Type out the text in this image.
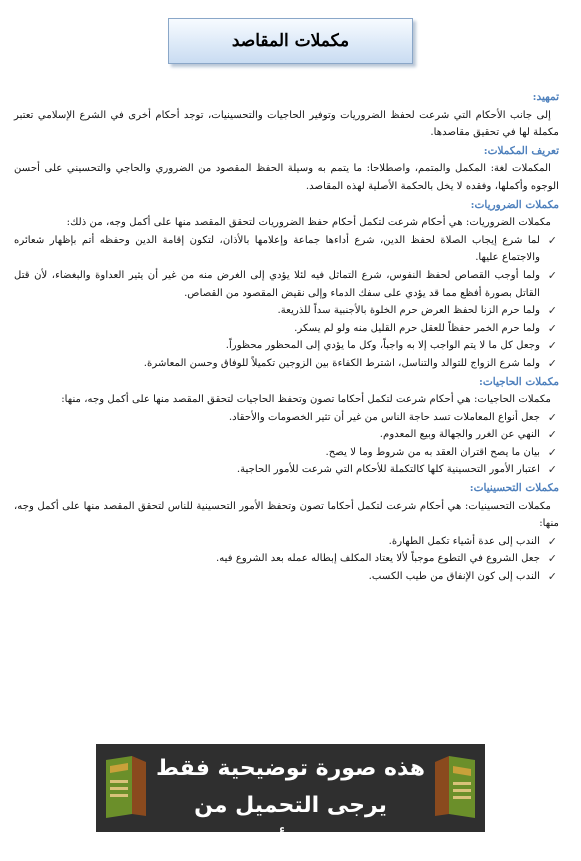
مكملات المقاصد
تمهيد:
إلى جانب الأحكام التي شرعت لحفظ الضروريات وتوفير الحاجيات والتحسينيات، توجد أحكام أخرى في الشرع الإسلامي تعتبر مكملة لها في تحقيق مقاصدها.
تعريف المكملات:
المكملات لغة: المكمل والمتمم، واصطلاحا: ما يتمم به وسيلة الحفظ المقصود من الضروري والحاجي والتحسيني على أحسن الوجوه وأكملها، وفقده لا يخل بالحكمة الأصلية لهذه المقاصد.
مكملات الضروريات:
مكملات الضروريات: هي أحكام شرعت لتكمل أحكام حفظ الضروريات لتحقق المقصد منها على أكمل وجه، من ذلك:
✓
لما شرع إيجاب الصلاة لحفظ الدين، شرع أداءها جماعة وإعلامها بالأذان، لتكون إقامة الدين وحفظه أتم بإظهار شعائره والاجتماع عليها.
✓
ولما أوجب القصاص لحفظ النفوس، شرع التماثل فيه لئلا يؤدي إلى الغرض منه من غير أن يثير العداوة والبغضاء، لأن قتل القاتل بصورة أفظع مما قد يؤدي على سفك الدماء وإلى نقيض المقصود من القصاص.
✓
ولما حرم الزنا لحفظ العرض حرم الخلوة بالأجنبية سداً للذريعة.
✓
ولما حرم الخمر حفظاً للعقل حرم القليل منه ولو لم يسكر.
✓
وجعل كل ما لا يتم الواجب إلا به واجباً، وكل ما يؤدي إلى المحظور محظوراً.
✓
ولما شرع الزواج للتوالد والتناسل، اشترط الكفاءة بين الزوجين تكميلاً للوفاق وحسن المعاشرة.
مكملات الحاجيات:
مكملات الحاجيات: هي أحكام شرعت لتكمل أحكاما تصون وتحفظ الحاجيات لتحقق المقصد منها على أكمل وجه، منها:
✓
جعل أنواع المعاملات تسد حاجة الناس من غير أن تثير الخصومات والأحقاد.
✓
النهي عن الغرر والجهالة وبيع المعدوم.
✓
بيان ما يصح اقتران العقد به من شروط وما لا يصح.
✓
اعتبار الأمور التحسينية كلها كالتكملة للأحكام التي شرعت للأمور الحاجية.
مكملات التحسينيات:
مكملات التحسينيات: هي أحكام شرعت لتكمل أحكاما تصون وتحفظ الأمور التحسينية للناس لتحقق المقصد منها على أكمل وجه، منها:
✓
الندب إلى عدة أشياء تكمل الطهارة.
✓
جعل الشروع في التطوع موجباً لألا يعتاد المكلف إبطاله عمله بعد الشروع فيه.
✓
الندب إلى كون الإنفاق من طيب الكسب.
هذه صورة توضيحية فقط
يرجى التحميل من الرابط أسفله
